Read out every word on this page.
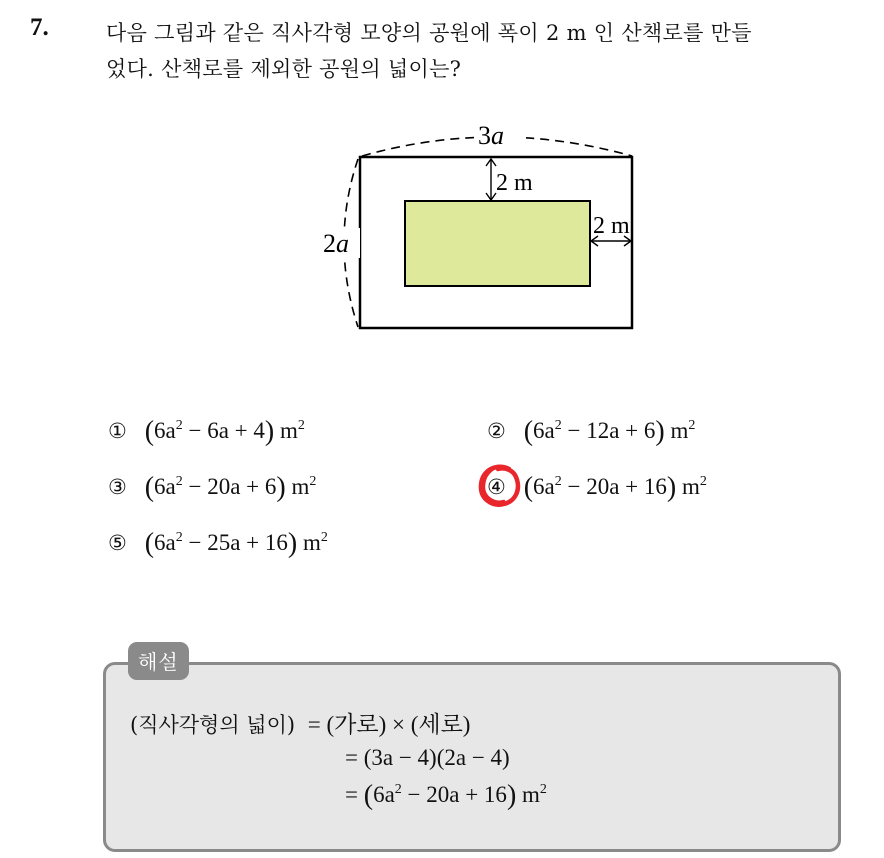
7.	다음 그림과 같은 직사각형 모양의 공원에 폭이 2 m 인 산책로를 만들
었다. 산책로를 제외한 공원의 넓이는?
3a
2a
2 m
2 m
① $(6a^2 - 6a + 4)$ $m^2$	② $(6a^2 - 12a + 6)$ $m^2$
③ $(6a^2 - 20a + 6)$ $m^2$	④ $(6a^2 - 20a + 16)$ $m^2$
⑤ $(6a^2 - 25a + 16)$ $m^2$
해설
(직사각형의 넓이) = (가로) × (세로)
= (3a − 4)(2a − 4)
= $(6a^2 - 20a + 16)$ $m^2$
